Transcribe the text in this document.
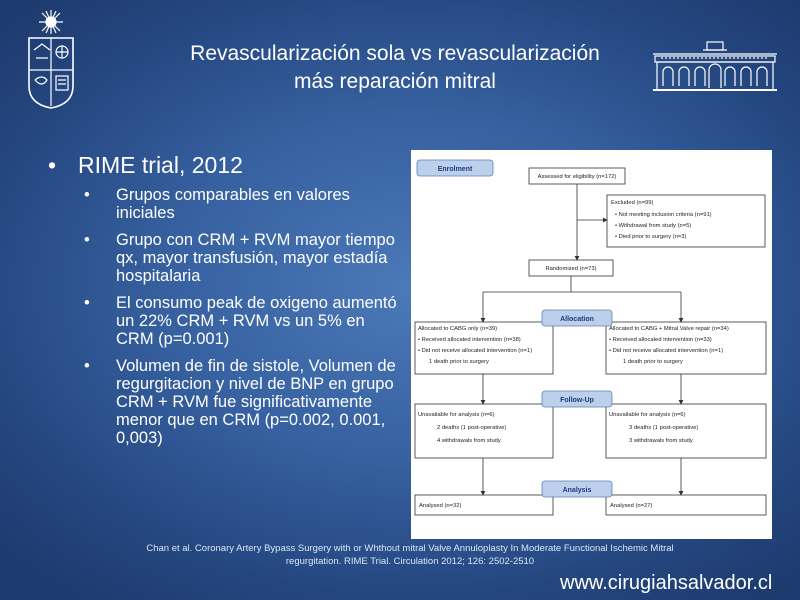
Revascularización sola vs revascularización
más reparación mitral
• RIME trial, 2012
•	Grupos comparables en valores iniciales
•	Grupo con CRM + RVM mayor tiempo qx, mayor transfusión, mayor estadía hospitalaria
•	El consumo peak de oxigeno aumentó un 22% CRM + RVM vs un 5% en CRM (p=0.001)
•	Volumen de fin de sistole, Volumen de regurgitacion y nivel de BNP en grupo CRM + RVM fue significativamente menor que en CRM (p=0.002, 0.001, 0,003)
Enrolment
Allocation
Follow-Up
Analysis
Assessed for eligibility (n=172)
Excluded (n=99)
• Not meeting inclusion criteria (n=91)
• Withdrawal from study (n=5)
• Died prior to surgery (n=3)
Randomized (n=73)
Allocated to CABG only (n=39)
• Received allocated intervention (n=38)
• Did not receive allocated intervention (n=1)
1 death prior to surgery
Allocated to CABG + Mitral Valve repair (n=34)
• Received allocated intervention (n=33)
• Did not receive allocated intervention (n=1)
1 death prior to surgery
Unavailable for analysis (n=6)
2 deaths (1 post-operative)
4 withdrawals from study
Unavailable for analysis (n=6)
3 deaths (1 post-operative)
3 withdrawals from study
Analysed (n=32)	Analysed (n=27)
Chan et al. Coronary Artery Bypass Surgery with or Whthout mitral Valve Annuloplasty In Moderate Functional Ischemic Mitral
regurgitation. RIME Trial. Circulation 2012; 126: 2502-2510
www.cirugiahsalvador.cl
